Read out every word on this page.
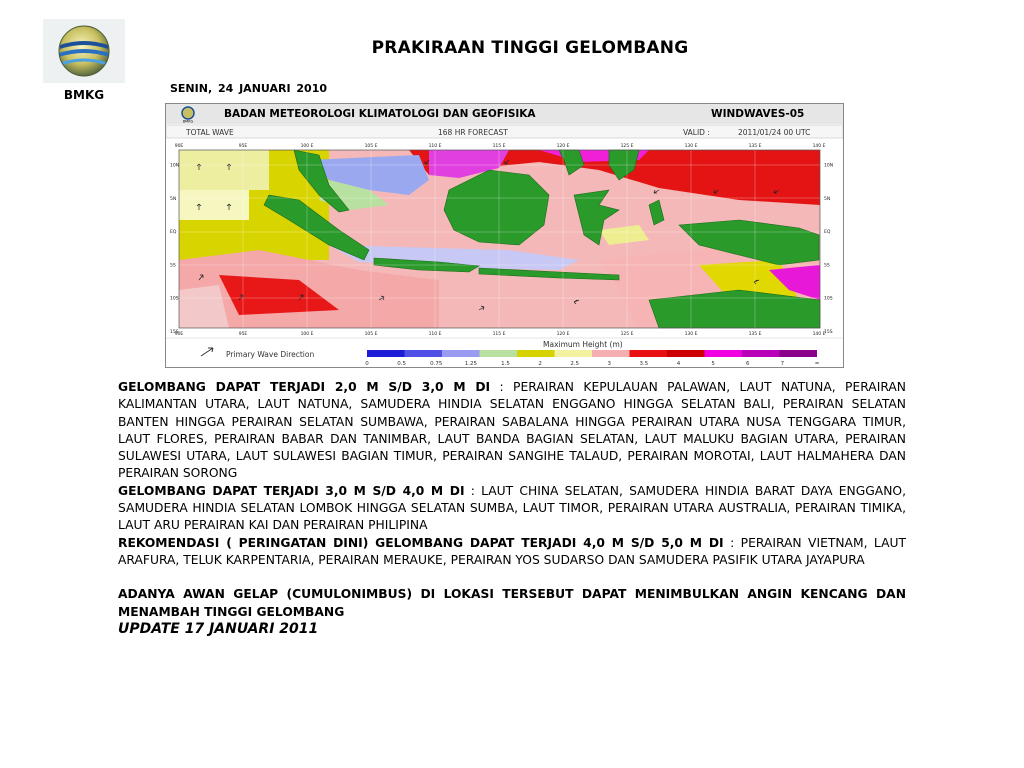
BMKG
PRAKIRAAN TINGGI GELOMBANG
SENIN, 24 JANUARI 2010
BMKG
BADAN METEOROLOGI KLIMATOLOGI DAN GEOFISIKA	WINDWAVES-05
TOTAL WAVE	168 HR FORECAST	VALID :	2011/01/24 00 UTC
90E	95E	100 E	105 E	110 E	115 E	120 E	125 E	130 E	135 E	140 E
90E	95E	100 E	105 E	110 E	115 E	120 E	125 E	130 E	135 E	140 E
10N
5N
EQ
5S
10S
15S
10N
5N
EQ
5S
10S
15S
Primary Wave Direction
Maximum Height (m)
0	0.5	0.75	1.25	1.5	2	2.5	3	3.5	4	5	6	7	=

GELOMBANG DAPAT TERJADI 2,0 M S/D 3,0 M DI : PERAIRAN KEPULAUAN PALAWAN, LAUT NATUNA, PERAIRAN KALIMANTAN UTARA, LAUT NATUNA, SAMUDERA HINDIA SELATAN ENGGANO HINGGA SELATAN BALI, PERAIRAN SELATAN BANTEN HINGGA PERAIRAN SELATAN SUMBAWA, PERAIRAN SABALANA HINGGA PERAIRAN UTARA NUSA TENGGARA TIMUR, LAUT FLORES, PERAIRAN BABAR DAN TANIMBAR, LAUT BANDA BAGIAN SELATAN, LAUT MALUKU BAGIAN UTARA, PERAIRAN SULAWESI UTARA, LAUT SULAWESI BAGIAN TIMUR, PERAIRAN SANGIHE TALAUD, PERAIRAN MOROTAI, LAUT HALMAHERA DAN PERAIRAN SORONG

GELOMBANG DAPAT TERJADI 3,0 M S/D 4,0 M DI : LAUT CHINA SELATAN, SAMUDERA HINDIA BARAT DAYA ENGGANO, SAMUDERA HINDIA SELATAN LOMBOK HINGGA SELATAN SUMBA, LAUT TIMOR, PERAIRAN UTARA AUSTRALIA, PERAIRAN TIMIKA, LAUT ARU PERAIRAN KAI DAN PERAIRAN PHILIPINA

REKOMENDASI ( PERINGATAN DINI) GELOMBANG DAPAT TERJADI 4,0 M S/D 5,0 M DI : PERAIRAN VIETNAM, LAUT ARAFURA, TELUK KARPENTARIA, PERAIRAN MERAUKE, PERAIRAN YOS SUDARSO DAN SAMUDERA PASIFIK UTARA JAYAPURA

ADANYA AWAN GELAP (CUMULONIMBUS) DI LOKASI TERSEBUT DAPAT MENIMBULKAN ANGIN KENCANG DAN MENAMBAH TINGGI GELOMBANG

UPDATE 17 JANUARI 2011
